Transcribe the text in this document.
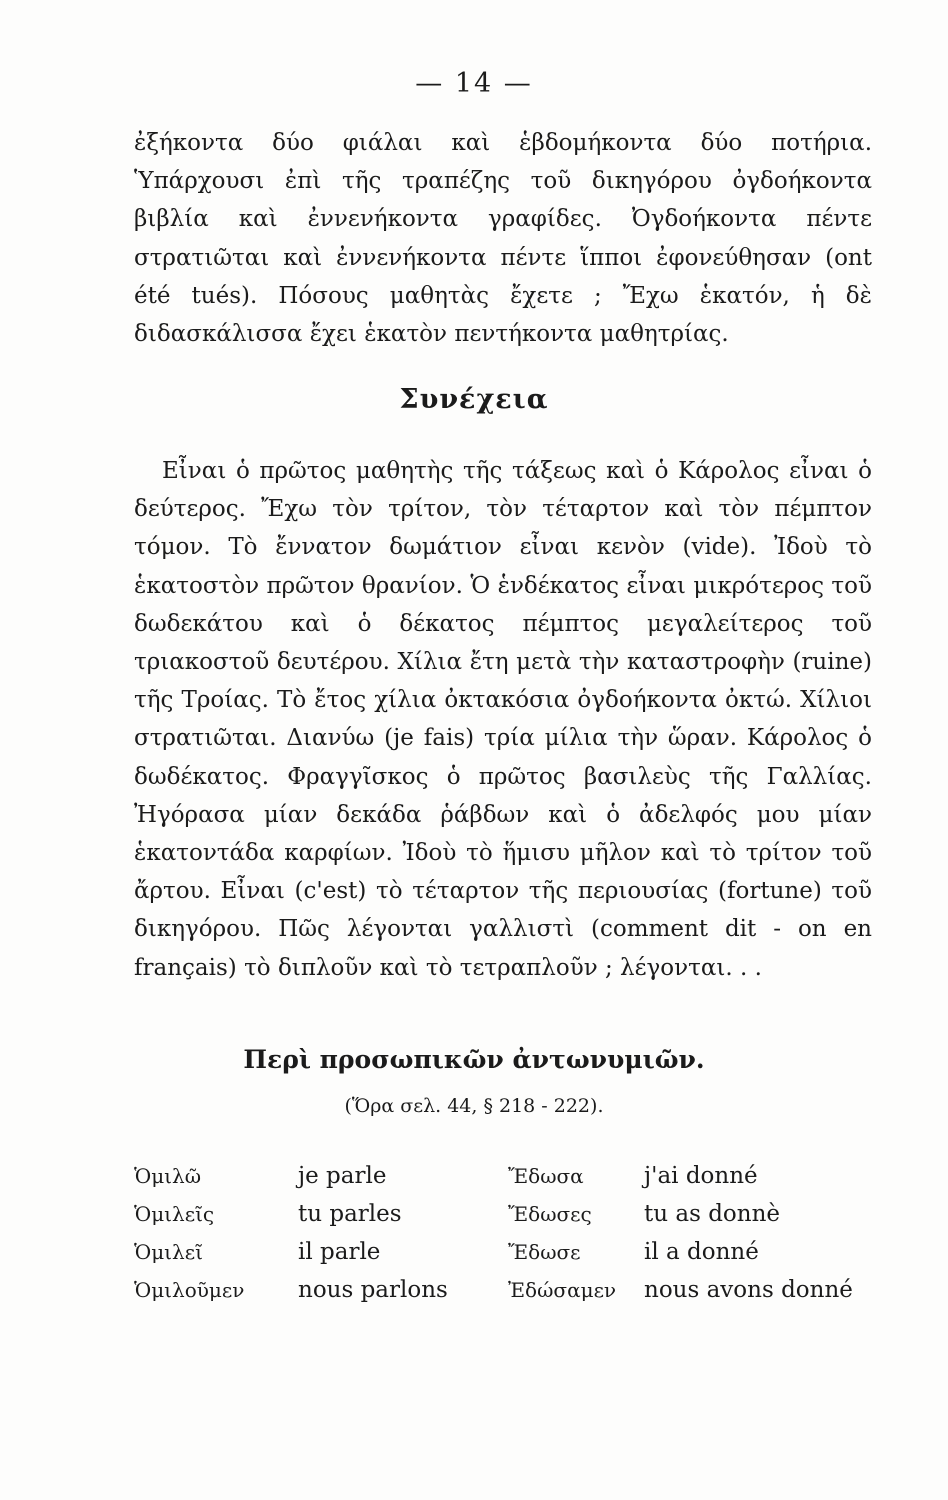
— 14 —
ἐξήκοντα δύο φιάλαι καὶ ἑβδομήκοντα δύο ποτήρια. Ὑπάρχουσι ἐπὶ τῆς τραπέζης τοῦ δικηγόρου ὀγδοήκοντα βιβλία καὶ ἐννενήκοντα γραφίδες. Ὀγδοήκοντα πέντε στρατιῶται καὶ ἐννενήκοντα πέντε ἵπποι ἐφονεύθησαν (ont été tués). Πόσους μαθητὰς ἔχετε ; Ἔχω ἑκατόν, ἡ δὲ διδασκάλισσα ἔχει ἑκατὸν πεντήκοντα μαθητρίας.
Συνέχεια
Εἶναι ὁ πρῶτος μαθητὴς τῆς τάξεως καὶ ὁ Κάρολος εἶναι ὁ δεύτερος. Ἔχω τὸν τρίτον, τὸν τέταρτον καὶ τὸν πέμπτον τόμον. Τὸ ἔννατον δωμάτιον εἶναι κενὸν (vide). Ἰδοὺ τὸ ἑκατοστὸν πρῶτον θρανίον. Ὁ ἑνδέκατος εἶναι μικρότερος τοῦ δωδεκάτου καὶ ὁ δέκατος πέμπτος μεγαλείτερος τοῦ τριακοστοῦ δευτέρου. Χίλια ἔτη μετὰ τὴν καταστροφὴν (ruine) τῆς Τροίας. Τὸ ἔτος χίλια ὀκτακόσια ὀγδοήκοντα ὀκτώ. Χίλιοι στρατιῶται. Διανύω (je fais) τρία μίλια τὴν ὥραν. Κάρολος ὁ δωδέκατος. Φραγγῖσκος ὁ πρῶτος βασιλεὺς τῆς Γαλλίας. Ἠγόρασα μίαν δεκάδα ῥάβδων καὶ ὁ ἀδελφός μου μίαν ἑκατοντάδα καρφίων. Ἰδοὺ τὸ ἥμισυ μῆλον καὶ τὸ τρίτον τοῦ ἄρτου. Εἶναι (c'est) τὸ τέταρτον τῆς περιουσίας (fortune) τοῦ δικηγόρου. Πῶς λέγονται γαλλιστὶ (comment dit - on en français) τὸ διπλοῦν καὶ τὸ τετραπλοῦν ; λέγονται. . .
Περὶ προσωπικῶν ἀντωνυμιῶν.
(Ὅρα σελ. 44, § 218 - 222).
Ὁμιλῶ	je parle	Ἔδωσα	j'ai donné
Ὁμιλεῖς	tu parles	Ἔδωσες	tu as donnè
Ὁμιλεῖ	il parle	Ἔδωσε	il a donné
Ὁμιλοῦμεν	nous parlons	Ἐδώσαμεν	nous avons donné
